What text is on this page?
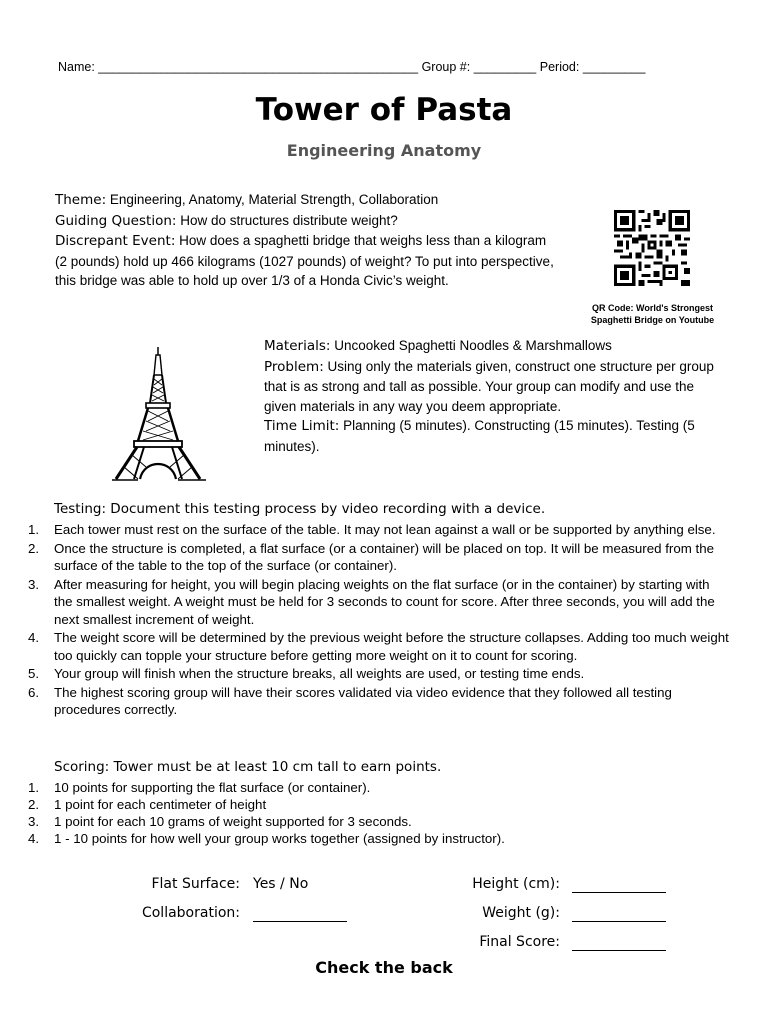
Name: ______________________________________________ Group #: _________ Period: _________
Tower of Pasta
Engineering Anatomy
Theme: Engineering, Anatomy, Material Strength, Collaboration
Guiding Question: How do structures distribute weight?
Discrepant Event: How does a spaghetti bridge that weighs less than a kilogram (2 pounds) hold up 466 kilograms (1027 pounds) of weight? To put into perspective, this bridge was able to hold up over 1/3 of a Honda Civic’s weight.
QR Code: World's Strongest Spaghetti Bridge on Youtube
Materials: Uncooked Spaghetti Noodles & Marshmallows
Problem: Using only the materials given, construct one structure per group that is as strong and tall as possible. Your group can modify and use the given materials in any way you deem appropriate.
Time Limit: Planning (5 minutes). Constructing (15 minutes). Testing (5 minutes).
Testing: Document this testing process by video recording with a device.
1.	Each tower must rest on the surface of the table. It may not lean against a wall or be supported by anything else.
2.	Once the structure is completed, a flat surface (or a container) will be placed on top. It will be measured from the surface of the table to the top of the surface (or container).
3.	After measuring for height, you will begin placing weights on the flat surface (or in the container) by starting with the smallest weight. A weight must be held for 3 seconds to count for score. After three seconds, you will add the next smallest increment of weight.
4.	The weight score will be determined by the previous weight before the structure collapses. Adding too much weight too quickly can topple your structure before getting more weight on it to count for scoring.
5.	Your group will finish when the structure breaks, all weights are used, or testing time ends.
6.	The highest scoring group will have their scores validated via video evidence that they followed all testing procedures correctly.
Scoring: Tower must be at least 10 cm tall to earn points.
1.	10 points for supporting the flat surface (or container).
2.	1 point for each centimeter of height
3.	1 point for each 10 grams of weight supported for 3 seconds.
4.	1 - 10 points for how well your group works together (assigned by instructor).
Flat Surface: Yes / No
Collaboration:
Height (cm):
Weight (g):
Final Score:
Check the back
